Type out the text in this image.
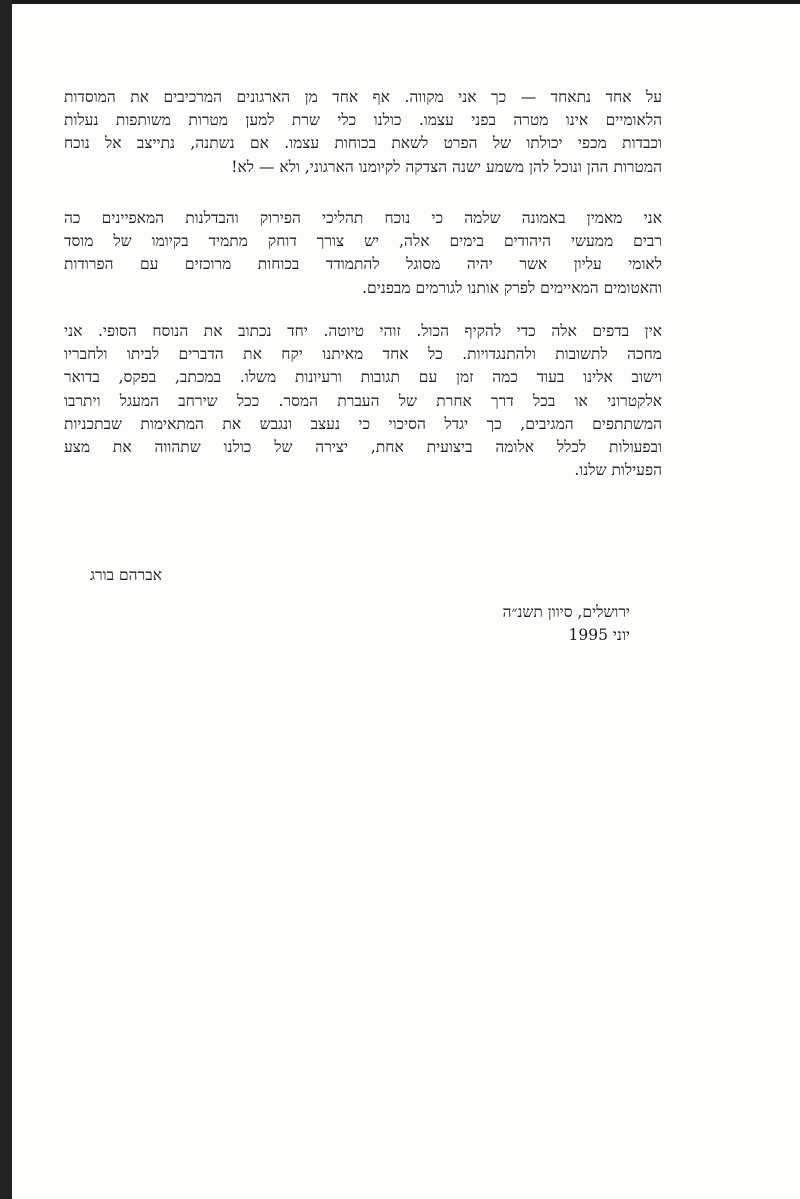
על אחד נתאחד — כך אני מקווה. אף אחד מן הארגונים המרכיבים את המוסדות
הלאומיים אינו מטרה בפני עצמו. כולנו כלי שרת למען מטרות משותפות נעלות
וכבדות מכפי יכולתו של הפרט לשאת בכוחות עצמו. אם נשתנה, נתייצב אל נוכח
המטרות ההן ונוכל להן משמע ישנה הצדקה לקיומנו הארגוני, ולא — לא!
אני מאמין באמונה שלמה כי נוכח תהליכי הפירוק והבדלנות המאפיינים כה
רבים ממעשי היהודים בימים אלה, יש צורך דוחק מתמיד בקיומו של מוסד
לאומי עליון אשר יהיה מסוגל להתמודד בכוחות מרוכזים עם הפרודות
והאטומים המאיימים לפרק אותנו לגורמים מבפנים.
אין בדפים אלה כדי להקיף הכול. זוהי טיוטה. יחד נכתוב את הנוסח הסופי. אני
מחכה לתשובות ולהתנגדויות. כל אחד מאיתנו יקח את הדברים לביתו ולחבריו
וישוב אלינו בעוד כמה זמן עם תגובות ורעיונות משלו. במכתב, בפקס, בדואר
אלקטרוני או בכל דרך אחרת של העברת המסר. ככל שירחב המעגל ויתרבו
המשתתפים המגיבים, כך יגדל הסיכוי כי נעצב ונגבש את המתאימות שבתכניות
ובפעולות לכלל אלומה ביצועית אחת, יצירה של כולנו שתהווה את מצע
הפעילות שלנו.
אברהם בורג
ירושלים, סיוון תשנ״ה
יוני 1995
